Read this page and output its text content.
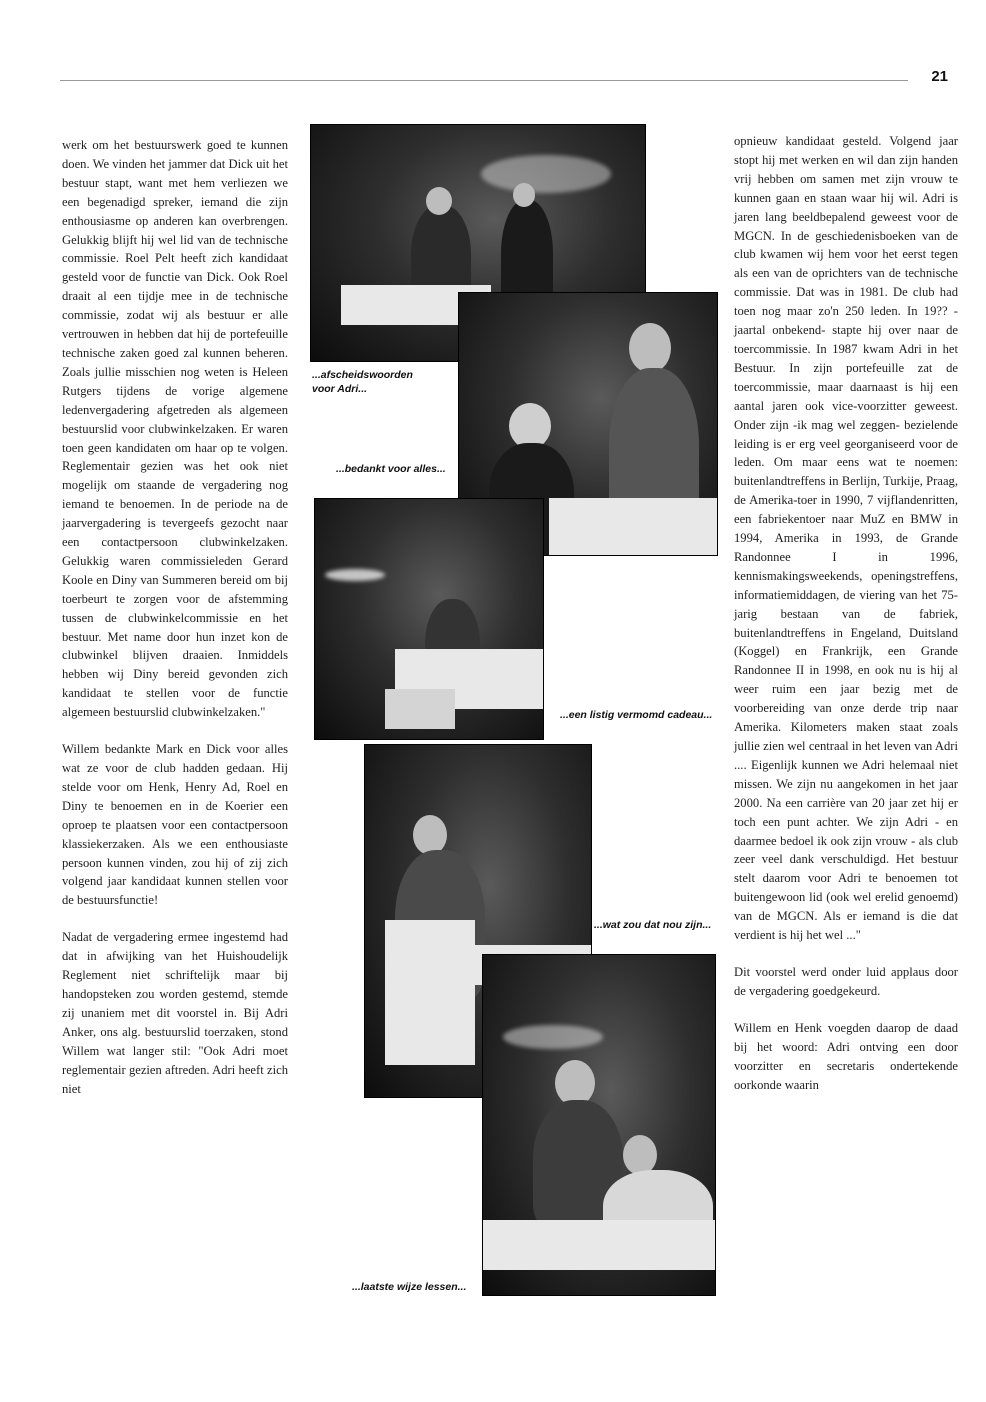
21

werk om het bestuurswerk goed te kunnen doen. We vinden het jammer dat Dick uit het bestuur stapt, want met hem verliezen we een begenadigd spreker, iemand die zijn enthousiasme op anderen kan overbrengen. Gelukkig blijft hij wel lid van de technische commissie. Roel Pelt heeft zich kandidaat gesteld voor de functie van Dick. Ook Roel draait al een tijdje mee in de technische commissie, zodat wij als bestuur er alle vertrouwen in hebben dat hij de portefeuille technische zaken goed zal kunnen beheren. Zoals jullie misschien nog weten is Heleen Rutgers tijdens de vorige algemene ledenvergadering afgetreden als algemeen bestuurslid voor clubwinkelzaken. Er waren toen geen kandidaten om haar op te volgen. Reglementair gezien was het ook niet mogelijk om staande de vergadering nog iemand te benoemen. In de periode na de jaarvergadering is tevergeefs gezocht naar een contactpersoon clubwinkelzaken. Gelukkig waren commissieleden Gerard Koole en Diny van Summeren bereid om bij toerbeurt te zorgen voor de afstemming tussen de clubwinkelcommissie en het bestuur. Met name door hun inzet kon de clubwinkel blijven draaien. Inmiddels hebben wij Diny bereid gevonden zich kandidaat te stellen voor de functie algemeen bestuurslid clubwinkelzaken."

Willem bedankte Mark en Dick voor alles wat ze voor de club hadden gedaan. Hij stelde voor om Henk, Henry Ad, Roel en Diny te benoemen en in de Koerier een oproep te plaatsen voor een contactpersoon klassiekerzaken. Als we een enthousiaste persoon kunnen vinden, zou hij of zij zich volgend jaar kandidaat kunnen stellen voor de bestuursfunctie!

Nadat de vergadering ermee ingestemd had dat in afwijking van het Huishoudelijk Reglement niet schriftelijk maar bij handopsteken zou worden gestemd, stemde zij unaniem met dit voorstel in. Bij Adri Anker, ons alg. bestuurslid toerzaken, stond Willem wat langer stil: "Ook Adri moet reglementair gezien aftreden. Adri heeft zich niet

...afscheidswoorden
voor Adri...
...bedankt voor alles...
...een listig vermomd cadeau...
...wat zou dat nou zijn...
...laatste wijze lessen...

opnieuw kandidaat gesteld. Volgend jaar stopt hij met werken en wil dan zijn handen vrij hebben om samen met zijn vrouw te kunnen gaan en staan waar hij wil. Adri is jaren lang beeldbepalend geweest voor de MGCN. In de geschiedenisboeken van de club kwamen wij hem voor het eerst tegen als een van de oprichters van de technische commissie. Dat was in 1981. De club had toen nog maar zo'n 250 leden. In 19?? -jaartal onbekend- stapte hij over naar de toercommissie. In 1987 kwam Adri in het Bestuur. In zijn portefeuille zat de toercommissie, maar daarnaast is hij een aantal jaren ook vice-voorzitter geweest. Onder zijn -ik mag wel zeggen- bezielende leiding is er erg veel georganiseerd voor de leden. Om maar eens wat te noemen: buitenlandtreffens in Berlijn, Turkije, Praag, de Amerika-toer in 1990, 7 vijflandenritten, een fabriekentoer naar MuZ en BMW in 1994, Amerika in 1993, de Grande Randonnee I in 1996, kennismakingsweekends, openingstreffens, informatiemiddagen, de viering van het 75-jarig bestaan van de fabriek, buitenlandtreffens in Engeland, Duitsland (Koggel) en Frankrijk, een Grande Randonnee II in 1998, en ook nu is hij al weer ruim een jaar bezig met de voorbereiding van onze derde trip naar Amerika. Kilometers maken staat zoals jullie zien wel centraal in het leven van Adri .... Eigenlijk kunnen we Adri helemaal niet missen. We zijn nu aangekomen in het jaar 2000. Na een carrière van 20 jaar zet hij er toch een punt achter. We zijn Adri - en daarmee bedoel ik ook zijn vrouw - als club zeer veel dank verschuldigd. Het bestuur stelt daarom voor Adri te benoemen tot buitengewoon lid (ook wel erelid genoemd) van de MGCN. Als er iemand is die dat verdient is hij het wel ..."

Dit voorstel werd onder luid applaus door de vergadering goedgekeurd.

Willem en Henk voegden daarop de daad bij het woord: Adri ontving een door voorzitter en secretaris ondertekende oorkonde waarin
